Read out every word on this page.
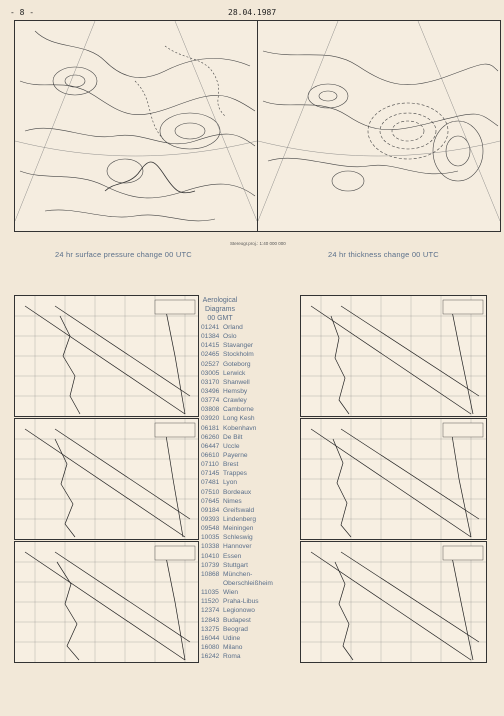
- 8 -	28.04.1987
Stereogr.proj.: 1:40 000 000
24 hr surface pressure change 00 UTC	24 hr thickness change 00 UTC
Aerological
Diagrams
00 GMT
01241 Orland
01384 Oslo
01415 Stavanger
02465 Stockholm
02527 Goteborg
03005 Lerwick
03170 Shanwell
03496 Hemsby
03774 Crawley
03808 Camborne
03920 Long Kesh
06181 Kobenhavn
06260 De Bilt
06447 Uccle
06610 Payerne
07110 Brest
07145 Trappes
07481 Lyon
07510 Bordeaux
07645 Nimes
09184 Greifswald
09393 Lindenberg
09548 Meiningen
10035 Schleswig
10338 Hannover
10410 Essen
10739 Stuttgart
10868 München-
Oberschleißheim
11035 Wien
11520 Praha-Libus
12374 Legionowo
12843 Budapest
13275 Beograd
16044 Udine
16080 Milano
16242 Roma
